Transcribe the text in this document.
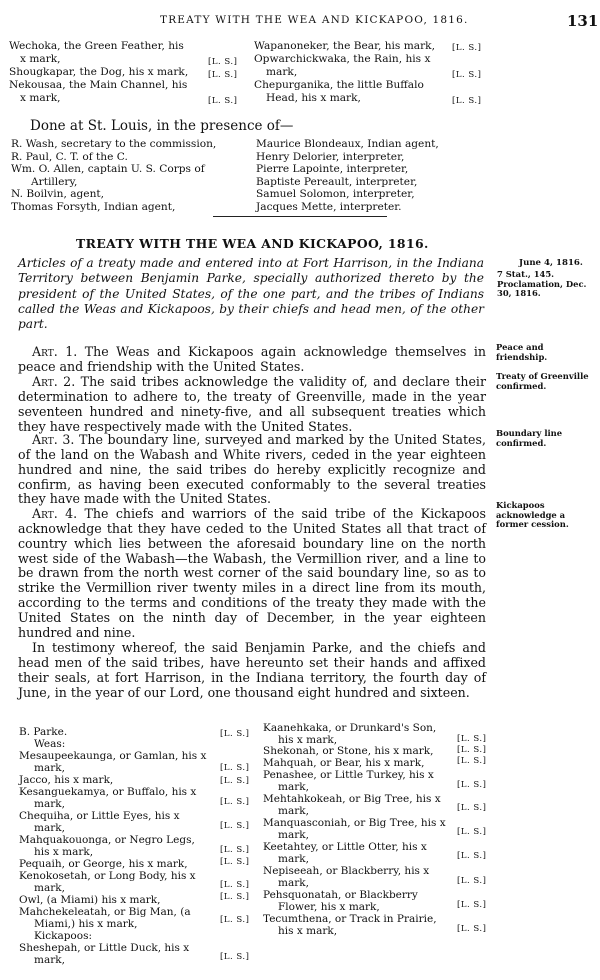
TREATY WITH THE WEA AND KICKAPOO, 1816.	131
Wechoka, the Green Feather, his
x mark,	[L. S.]
Shougkapar, the Dog, his x mark, [L. S.]
Nekousaa, the Main Channel, his
x mark,	[L. S.]
Wapanoneker, the Bear, his mark, [L. S.]
Opwarchickwaka, the Rain, his x
mark,	[L. S.]
Chepurganika, the little Buffalo
Head, his x mark,	[L. S.]
Done at St. Louis, in the presence of—
R. Wash, secretary to the commission,
R. Paul, C. T. of the C.
Wm. O. Allen, captain U. S. Corps of
Artillery,
N. Boilvin, agent,
Thomas Forsyth, Indian agent,
Maurice Blondeaux, Indian agent,
Henry Delorier, interpreter,
Pierre Lapointe, interpreter,
Baptiste Pereault, interpreter,
Samuel Solomon, interpreter,
Jacques Mette, interpreter.
TREATY WITH THE WEA AND KICKAPOO, 1816.
June 4, 1816.
7 Stat., 145. Proclamation, Dec. 30, 1816.
Peace and friendship.
Treaty of Greenville confirmed.
Boundary line confirmed.
Kickapoos acknowledge a former cession.
Articles of a treaty made and entered into at Fort Harrison, in the Indiana Territory between Benjamin Parke, specially authorized thereto by the president of the United States, of the one part, and the tribes of Indians called the Weas and Kickapoos, by their chiefs and head men, of the other part.
Art. 1. The Weas and Kickapoos again acknowledge themselves in peace and friendship with the United States.
Art. 2. The said tribes acknowledge the validity of, and declare their determination to adhere to, the treaty of Greenville, made in the year seventeen hundred and ninety-five, and all subsequent treaties which they have respectively made with the United States.
Art. 3. The boundary line, surveyed and marked by the United States, of the land on the Wabash and White rivers, ceded in the year eighteen hundred and nine, the said tribes do hereby explicitly recognize and confirm, as having been executed conformably to the several treaties they have made with the United States.
Art. 4. The chiefs and warriors of the said tribe of the Kickapoos acknowledge that they have ceded to the United States all that tract of country which lies between the aforesaid boundary line on the north west side of the Wabash—the Wabash, the Vermillion river, and a line to be drawn from the north west corner of the said boundary line, so as to strike the Vermillion river twenty miles in a direct line from its mouth, according to the terms and conditions of the treaty they made with the United States on the ninth day of December, in the year eighteen hundred and nine.
In testimony whereof, the said Benjamin Parke, and the chiefs and head men of the said tribes, have hereunto set their hands and affixed their seals, at fort Harrison, in the Indiana territory, the fourth day of June, in the year of our Lord, one thousand eight hundred and sixteen.
B. Parke.	[L. S.]
Weas:
Mesaupeekaunga, or Gamlan, his x
mark,	[L. S.]
Jacco, his x mark,	[L. S.]
Kesanguekamya, or Buffalo, his x
mark,	[L. S.]
Chequiha, or Little Eyes, his x
mark,	[L. S.]
Mahquakouonga, or Negro Legs,
his x mark,	[L. S.]
Pequaih, or George, his x mark,	[L. S.]
Kenokosetah, or Long Body, his x
mark,	[L. S.]
Owl, (a Miami) his x mark,	[L. S.]
Mahchekeleatah, or Big Man, (a
Miami,) his x mark,	[L. S.]
Kickapoos:
Sheshepah, or Little Duck, his x
mark,	[L. S.]
Kaanehkaka, or Drunkard's Son,
his x mark,	[L. S.]
Shekonah, or Stone, his x mark,	[L. S.]
Mahquah, or Bear, his x mark,	[L. S.]
Penashee, or Little Turkey, his x
mark,	[L. S.]
Mehtahkokeah, or Big Tree, his x
mark,	[L. S.]
Manquasconiah, or Big Tree, his x
mark,	[L. S.]
Keetahtey, or Little Otter, his x
mark,	[L. S.]
Nepiseeah, or Blackberry, his x
mark,	[L. S.]
Pehsquonatah, or Blackberry
Flower, his x mark,	[L. S.]
Tecumthena, or Track in Prairie,
his x mark,	[L. S.]
